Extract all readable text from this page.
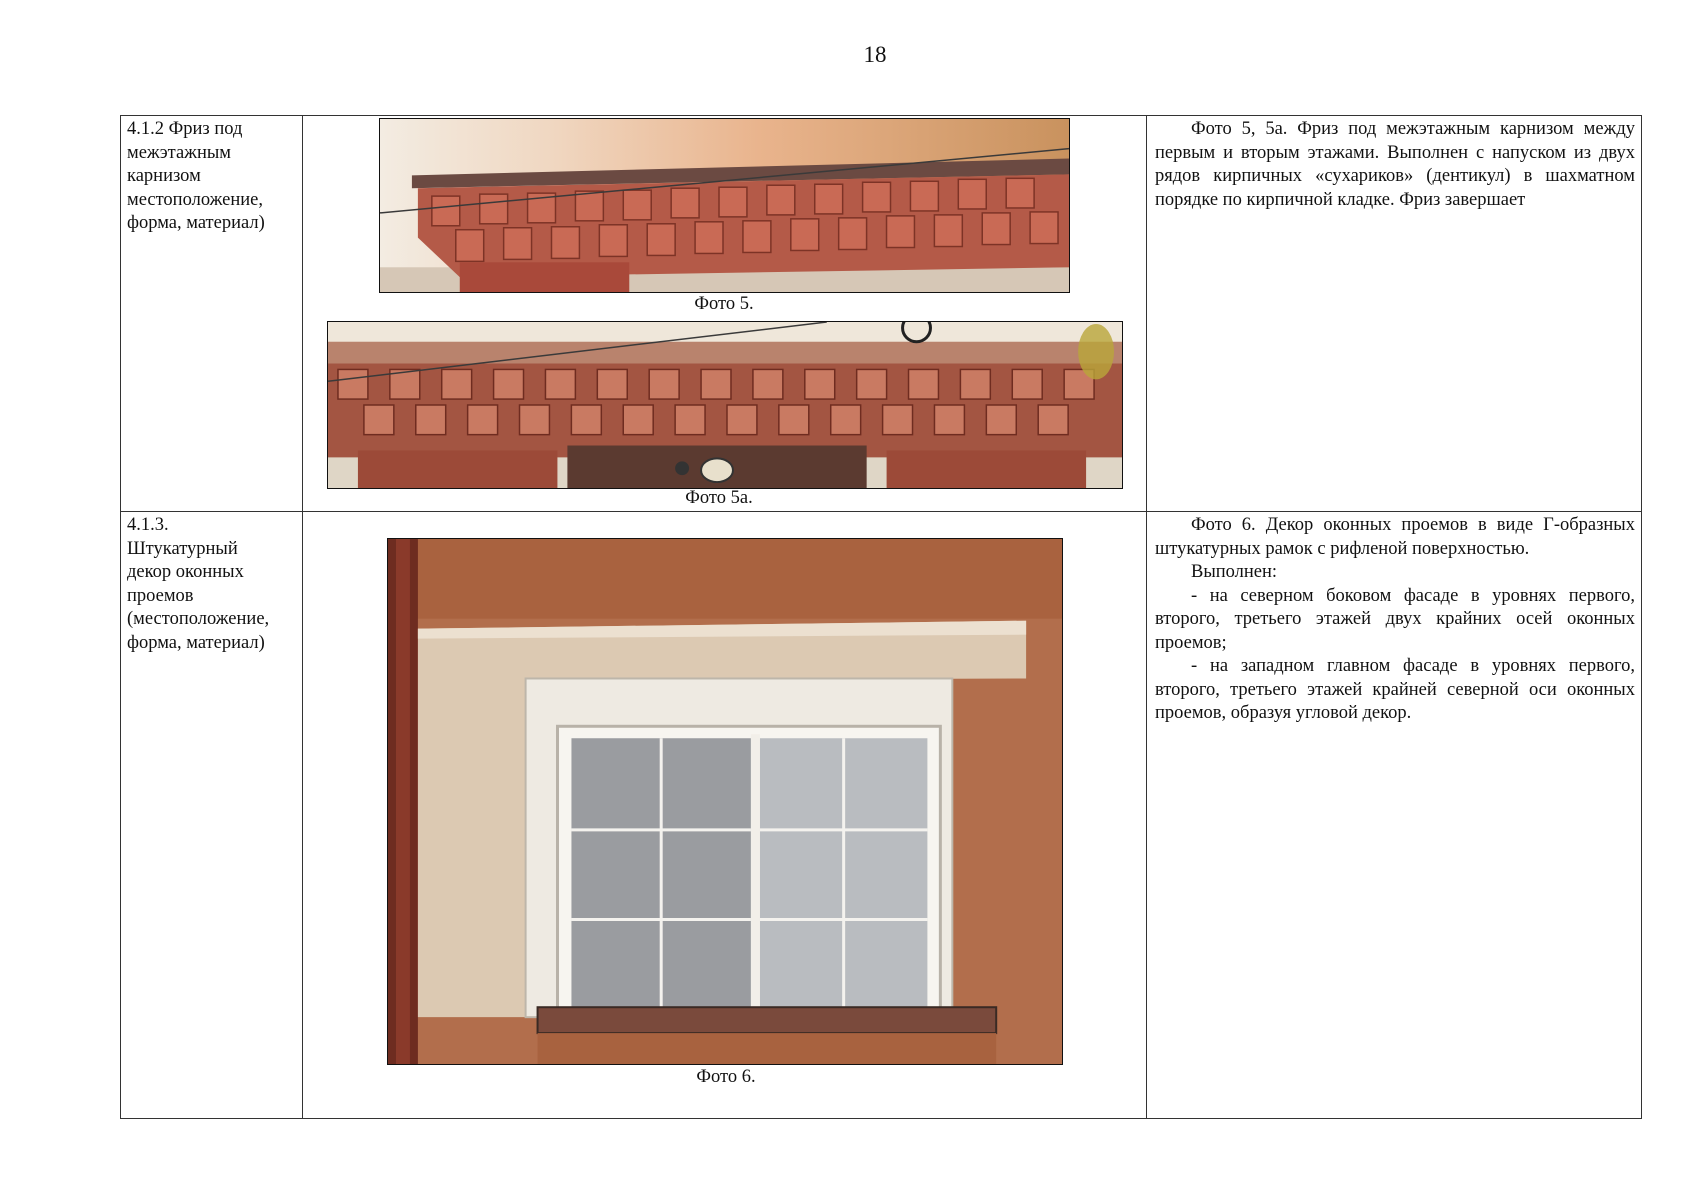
18
4.1.2 Фриз под
межэтажным
карнизом
местоположение,
форма, материал)
Фото 5.
Фото 5а.

Фото 5, 5а. Фриз под межэтажным карнизом между первым и вторым этажами. Выполнен с напуском из двух рядов кирпичных «сухариков» (дентикул) в шахматном порядке по кирпичной кладке. Фриз завершает

4.1.3.
Штукатурный
декор оконных
проемов
(местоположение,
форма, материал)
Фото 6.

Фото 6. Декор оконных проемов в виде Г-образных штукатурных рамок с рифленой поверхностью.

Выполнен:

- на северном боковом фасаде в уровнях первого, второго, третьего этажей двух крайних осей оконных проемов;

- на западном главном фасаде в уровнях первого, второго, третьего этажей крайней северной оси оконных проемов, образуя угловой декор.
